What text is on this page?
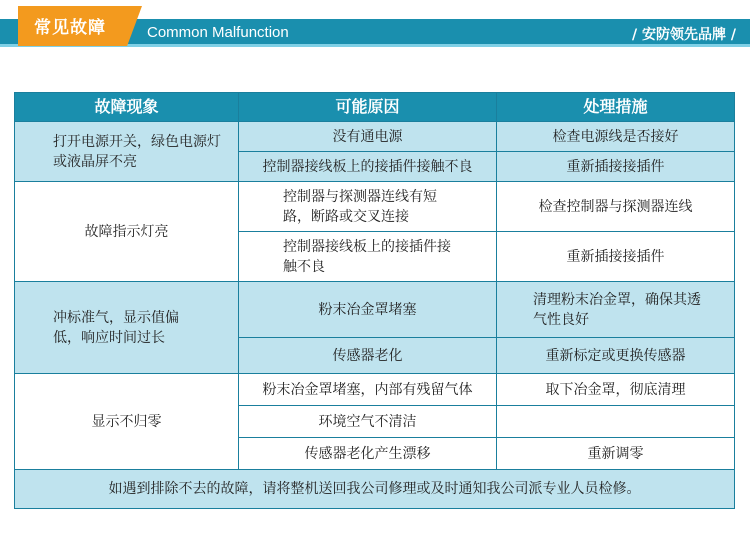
常见故障	Common Malfunction	/ 安防领先品牌 /
故障现象	可能原因	处理措施
打开电源开关，绿色电源灯或液晶屏不亮	没有通电源	检查电源线是否接好
	控制器接线板上的接插件接触不良	重新插接接插件
故障指示灯亮	控制器与探测器连线有短路，断路或交叉连接	检查控制器与探测器连线
	控制器接线板上的接插件接触不良	重新插接接插件
冲标准气，显示值偏低，响应时间过长	粉末冶金罩堵塞	清理粉末冶金罩，确保其透气性良好
	传感器老化	重新标定或更换传感器
显示不归零	粉末冶金罩堵塞，内部有残留气体	取下冶金罩，彻底清理
	环境空气不清洁	
	传感器老化产生漂移	重新调零
如遇到排除不去的故障，请将整机送回我公司修理或及时通知我公司派专业人员检修。		
